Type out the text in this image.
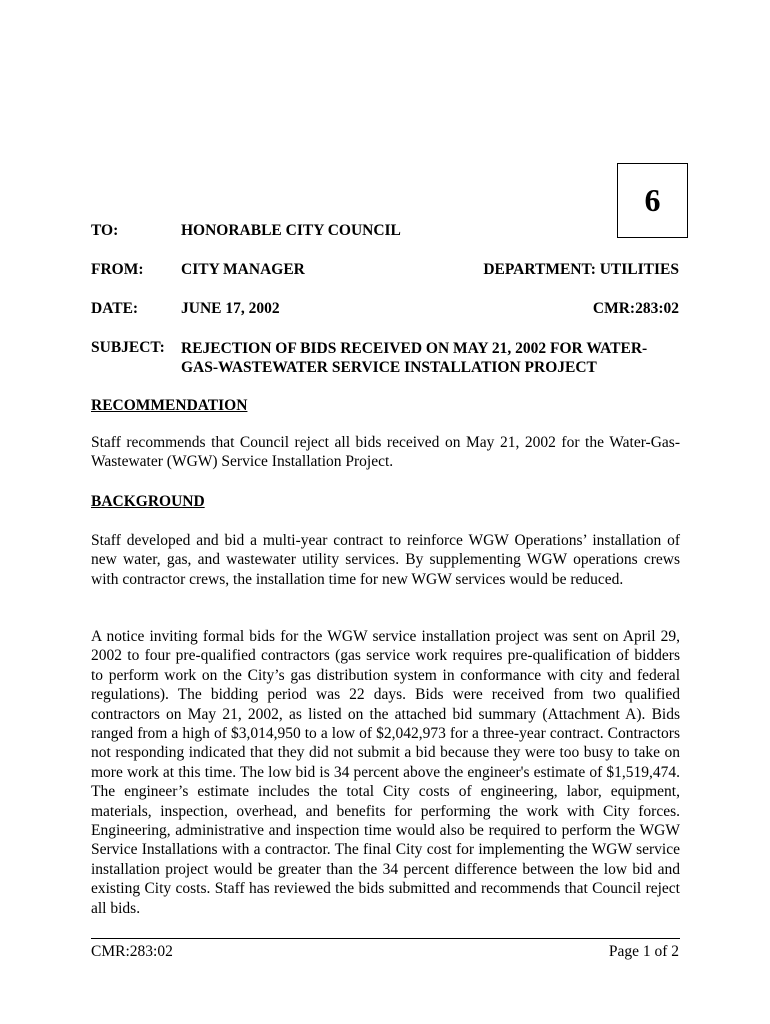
6
TO:	HONORABLE CITY COUNCIL
FROM: CITY MANAGER	DEPARTMENT: UTILITIES
DATE:	JUNE 17, 2002	CMR:283:02
SUBJECT: REJECTION OF BIDS RECEIVED ON MAY 21, 2002 FOR WATER-GAS-WASTEWATER SERVICE INSTALLATION PROJECT
RECOMMENDATION
Staff recommends that Council reject all bids received on May 21, 2002 for the Water-Gas-Wastewater (WGW) Service Installation Project.
BACKGROUND
Staff developed and bid a multi-year contract to reinforce WGW Operations’ installation of new water, gas, and wastewater utility services. By supplementing WGW operations crews with contractor crews, the installation time for new WGW services would be reduced.
A notice inviting formal bids for the WGW service installation project was sent on April 29, 2002 to four pre-qualified contractors (gas service work requires pre-qualification of bidders to perform work on the City’s gas distribution system in conformance with city and federal regulations). The bidding period was 22 days. Bids were received from two qualified contractors on May 21, 2002, as listed on the attached bid summary (Attachment A). Bids ranged from a high of $3,014,950 to a low of $2,042,973 for a three-year contract. Contractors not responding indicated that they did not submit a bid because they were too busy to take on more work at this time. The low bid is 34 percent above the engineer's estimate of $1,519,474. The engineer’s estimate includes the total City costs of engineering, labor, equipment, materials, inspection, overhead, and benefits for performing the work with City forces. Engineering, administrative and inspection time would also be required to perform the WGW Service Installations with a contractor. The final City cost for implementing the WGW service installation project would be greater than the 34 percent difference between the low bid and existing City costs. Staff has reviewed the bids submitted and recommends that Council reject all bids.
CMR:283:02	Page 1 of 2
